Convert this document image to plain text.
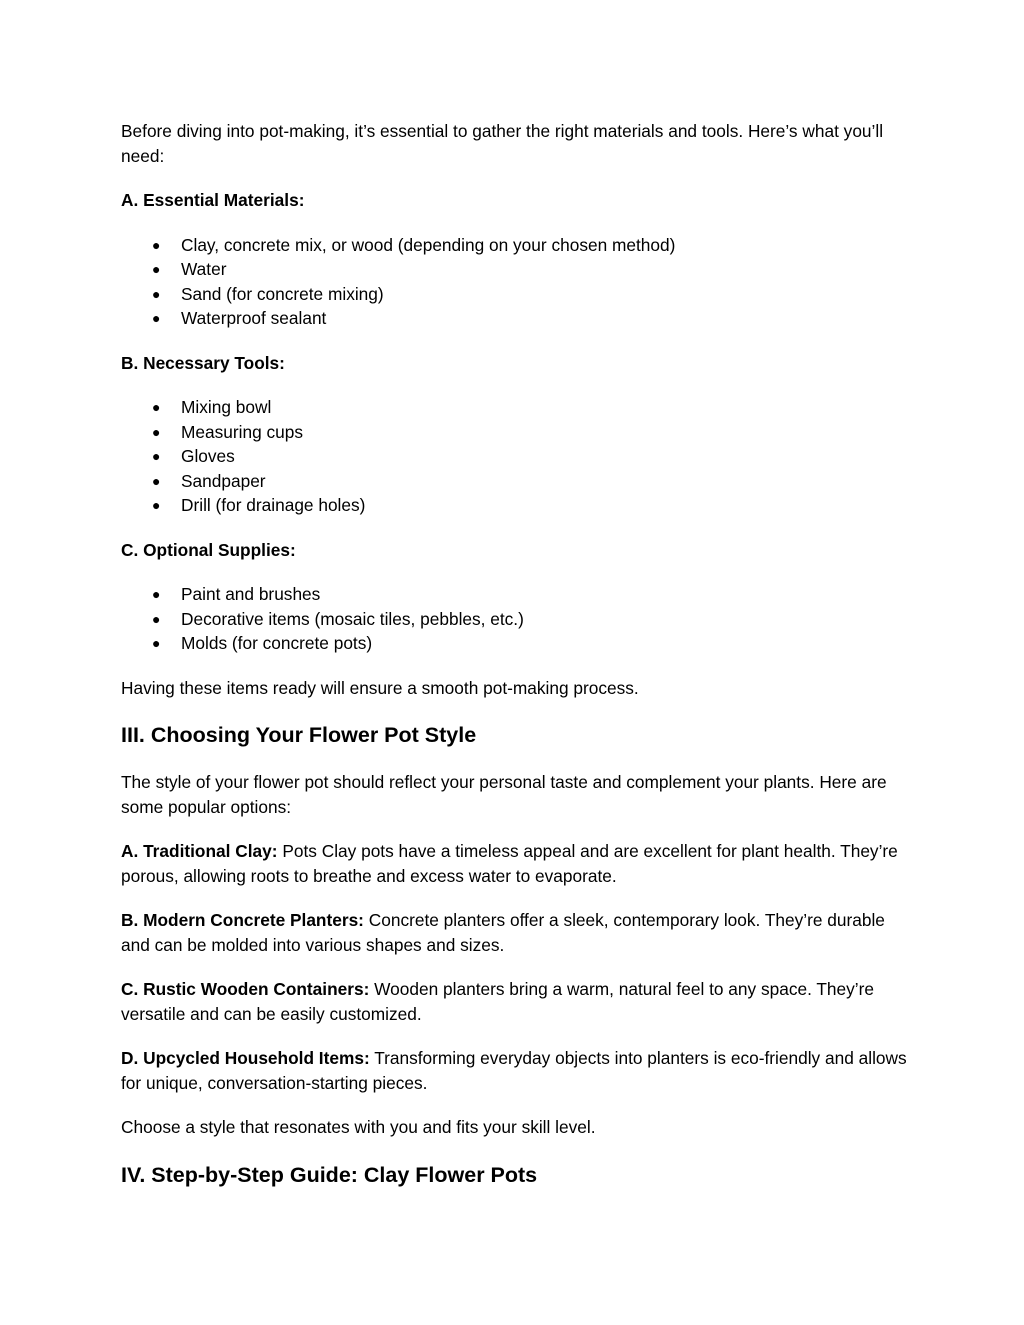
Before diving into pot-making, it’s essential to gather the right materials and tools. Here’s what you’ll need:

A. Essential Materials:
● Clay, concrete mix, or wood (depending on your chosen method)
● Water
● Sand (for concrete mixing)
● Waterproof sealant
B. Necessary Tools:
● Mixing bowl
● Measuring cups
● Gloves
● Sandpaper
● Drill (for drainage holes)
C. Optional Supplies:
● Paint and brushes
● Decorative items (mosaic tiles, pebbles, etc.)
● Molds (for concrete pots)

Having these items ready will ensure a smooth pot-making process.

III. Choosing Your Flower Pot Style

The style of your flower pot should reflect your personal taste and complement your plants. Here are some popular options:

A. Traditional Clay: Pots Clay pots have a timeless appeal and are excellent for plant health. They’re porous, allowing roots to breathe and excess water to evaporate.

B. Modern Concrete Planters: Concrete planters offer a sleek, contemporary look. They’re durable and can be molded into various shapes and sizes.

C. Rustic Wooden Containers: Wooden planters bring a warm, natural feel to any space. They’re versatile and can be easily customized.

D. Upcycled Household Items: Transforming everyday objects into planters is eco-friendly and allows for unique, conversation-starting pieces.

Choose a style that resonates with you and fits your skill level.

IV. Step-by-Step Guide: Clay Flower Pots
